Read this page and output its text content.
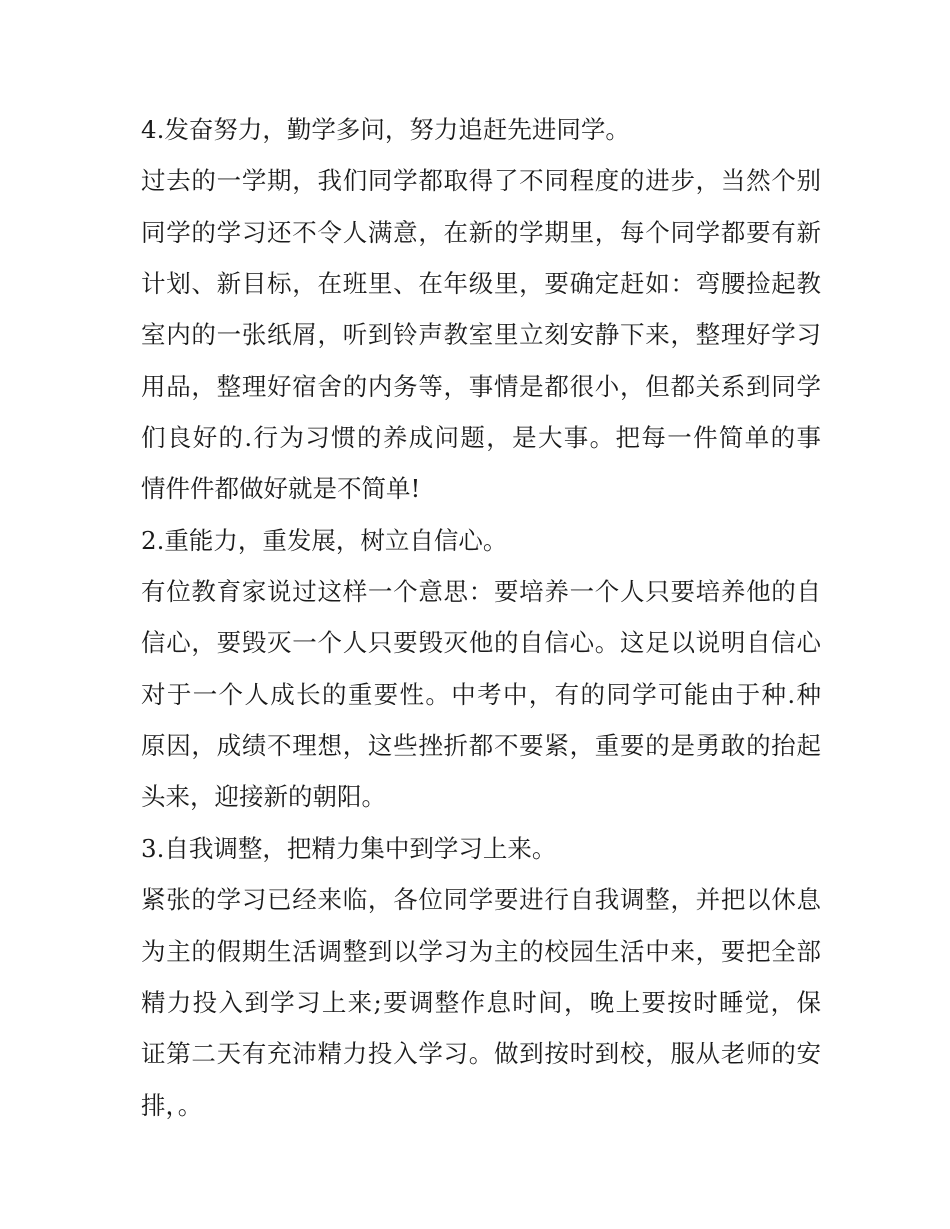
4.发奋努力，勤学多问，努力追赶先进同学。
过去的一学期，我们同学都取得了不同程度的进步，当然个别
同学的学习还不令人满意，在新的学期里，每个同学都要有新
计划、新目标，在班里、在年级里，要确定赶如：弯腰捡起教
室内的一张纸屑，听到铃声教室里立刻安静下来，整理好学习
用品，整理好宿舍的内务等，事情是都很小，但都关系到同学
们良好的.行为习惯的养成问题，是大事。把每一件简单的事
情件件都做好就是不简单!
2.重能力，重发展，树立自信心。
有位教育家说过这样一个意思：要培养一个人只要培养他的自
信心，要毁灭一个人只要毁灭他的自信心。这足以说明自信心
对于一个人成长的重要性。中考中，有的同学可能由于种.种
原因，成绩不理想，这些挫折都不要紧，重要的是勇敢的抬起
头来，迎接新的朝阳。
3.自我调整，把精力集中到学习上来。
紧张的学习已经来临，各位同学要进行自我调整，并把以休息
为主的假期生活调整到以学习为主的校园生活中来，要把全部
精力投入到学习上来;要调整作息时间，晚上要按时睡觉，保
证第二天有充沛精力投入学习。做到按时到校，服从老师的安
排，。
